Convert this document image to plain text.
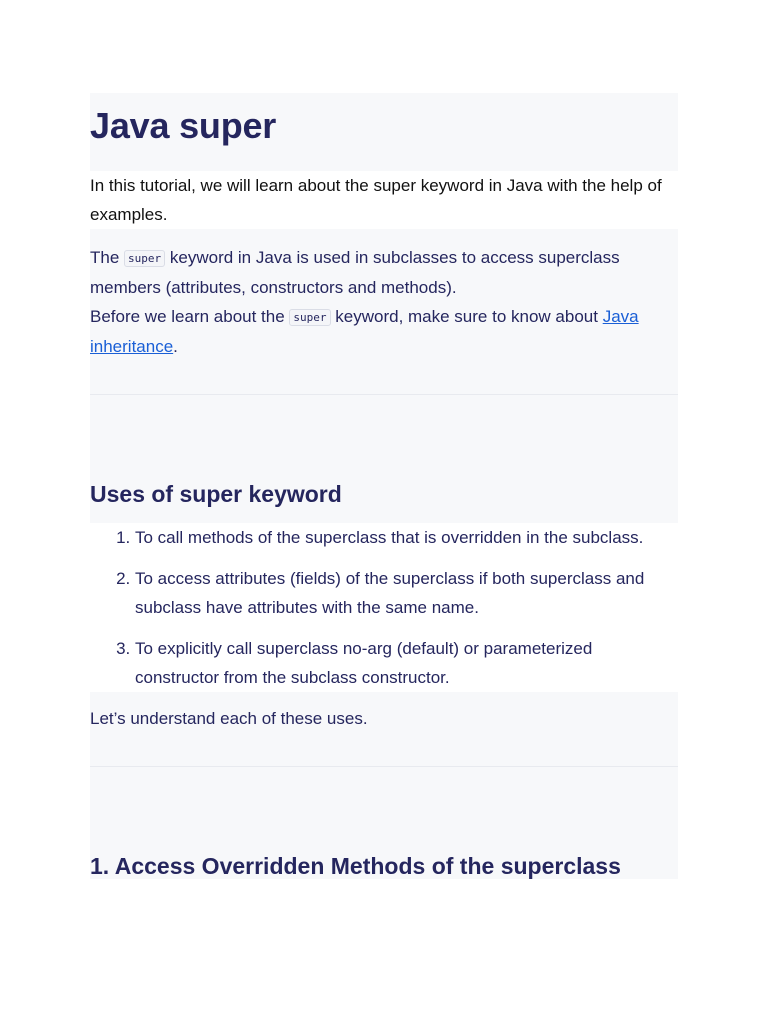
Java super

In this tutorial, we will learn about the super keyword in Java with the help of examples.

The super keyword in Java is used in subclasses to access superclass members (attributes, constructors and methods).

Before we learn about the super keyword, make sure to know about Java inheritance.

Uses of super keyword
1. To call methods of the superclass that is overridden in the subclass.
2. To access attributes (fields) of the superclass if both superclass and subclass have attributes with the same name.
3. To explicitly call superclass no-arg (default) or parameterized constructor from the subclass constructor.

Let’s understand each of these uses.

1. Access Overridden Methods of the superclass
